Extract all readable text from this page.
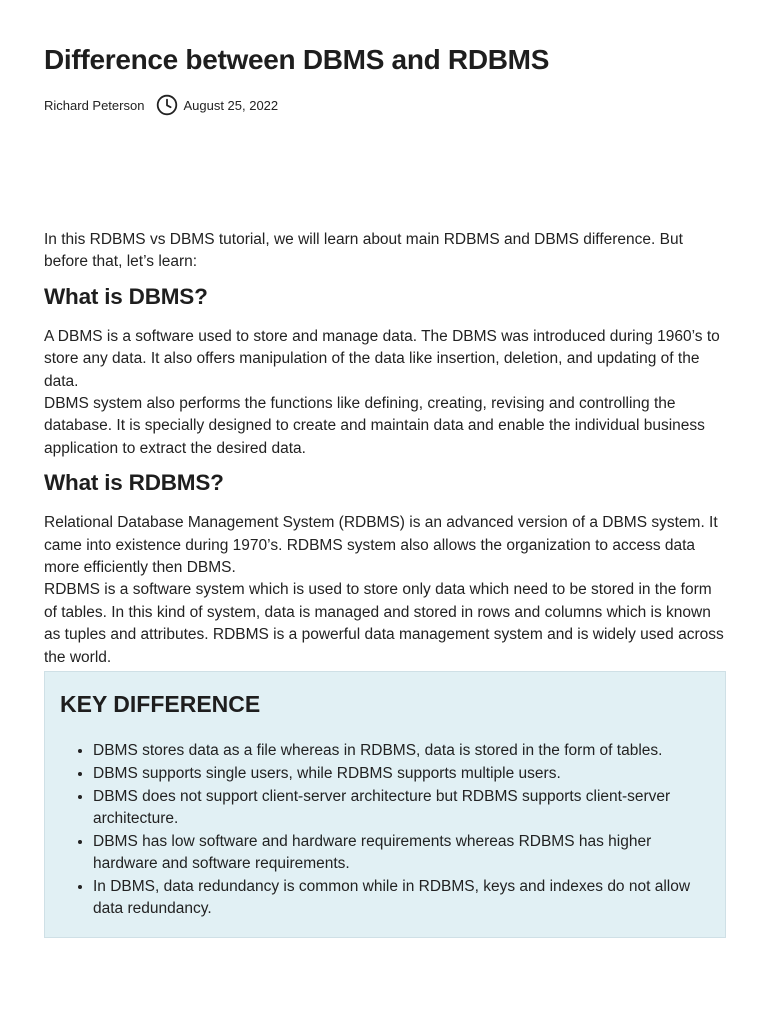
Difference between DBMS and RDBMS
Richard Peterson	August 25, 2022

In this RDBMS vs DBMS tutorial, we will learn about main RDBMS and DBMS difference. But before that, let’s learn:

What is DBMS?

A DBMS is a software used to store and manage data. The DBMS was introduced during 1960’s to store any data. It also offers manipulation of the data like insertion, deletion, and updating of the data.

DBMS system also performs the functions like defining, creating, revising and controlling the database. It is specially designed to create and maintain data and enable the individual business application to extract the desired data.

What is RDBMS?

Relational Database Management System (RDBMS) is an advanced version of a DBMS system. It came into existence during 1970’s. RDBMS system also allows the organization to access data more efficiently then DBMS.

RDBMS is a software system which is used to store only data which need to be stored in the form of tables. In this kind of system, data is managed and stored in rows and columns which is known as tuples and attributes. RDBMS is a powerful data management system and is widely used across the world.

KEY DIFFERENCE
• DBMS stores data as a file whereas in RDBMS, data is stored in the form of tables.
• DBMS supports single users, while RDBMS supports multiple users.
• DBMS does not support client-server architecture but RDBMS supports client-server architecture.
• DBMS has low software and hardware requirements whereas RDBMS has higher hardware and software requirements.
• In DBMS, data redundancy is common while in RDBMS, keys and indexes do not allow data redundancy.
